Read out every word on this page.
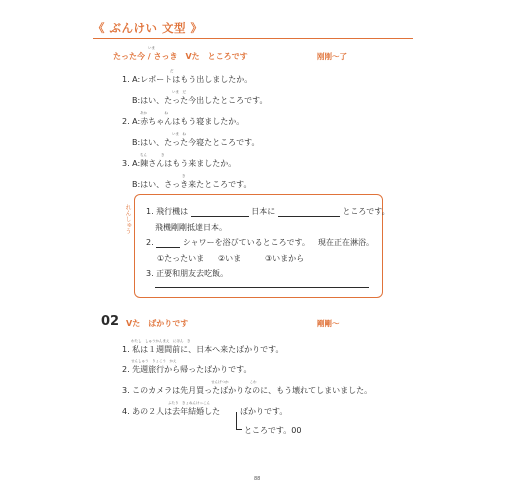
《 ぶんけい 文型 》
いま
たった今 / さっき　Vた　ところです	刚刚～了
だ
1. A:レポートはもう出しましたか。
いま　だ
B:はい、たった今出したところです。
あか　　　　　ね
2. A:赤ちゃんはもう寝ましたか。
いま　ね
B:はい、たった今寝たところです。
ちん　　　　き
3. A:陳さんはもう来ましたか。
き
B:はい、さっき来たところです。
れんしゅう 1. 飛行機は	日本に	ところです。
飛機剛剛抵達日本。
2.	シャワーを浴びているところです。 現在正在淋浴。
①たったいま ②いま	③いまから
3. 正要和朋友去吃飯。
02 Vた　ばかりです	剛剛～
わたし　しゅうかんまえ　にほん　き
1. 私は１週間前に、日本へ来たばかりです。
せんしゅう　りょこう　かえ
2. 先週旅行から帰ったばかりです。
せんげつか　　　　　　こわ
3. このカメラは先月買ったばかりなのに、もう壊れてしまいました。
ふたり　きょねんけっこん
4. あの２人は去年結婚した ばかりです。
ところです。00
88
